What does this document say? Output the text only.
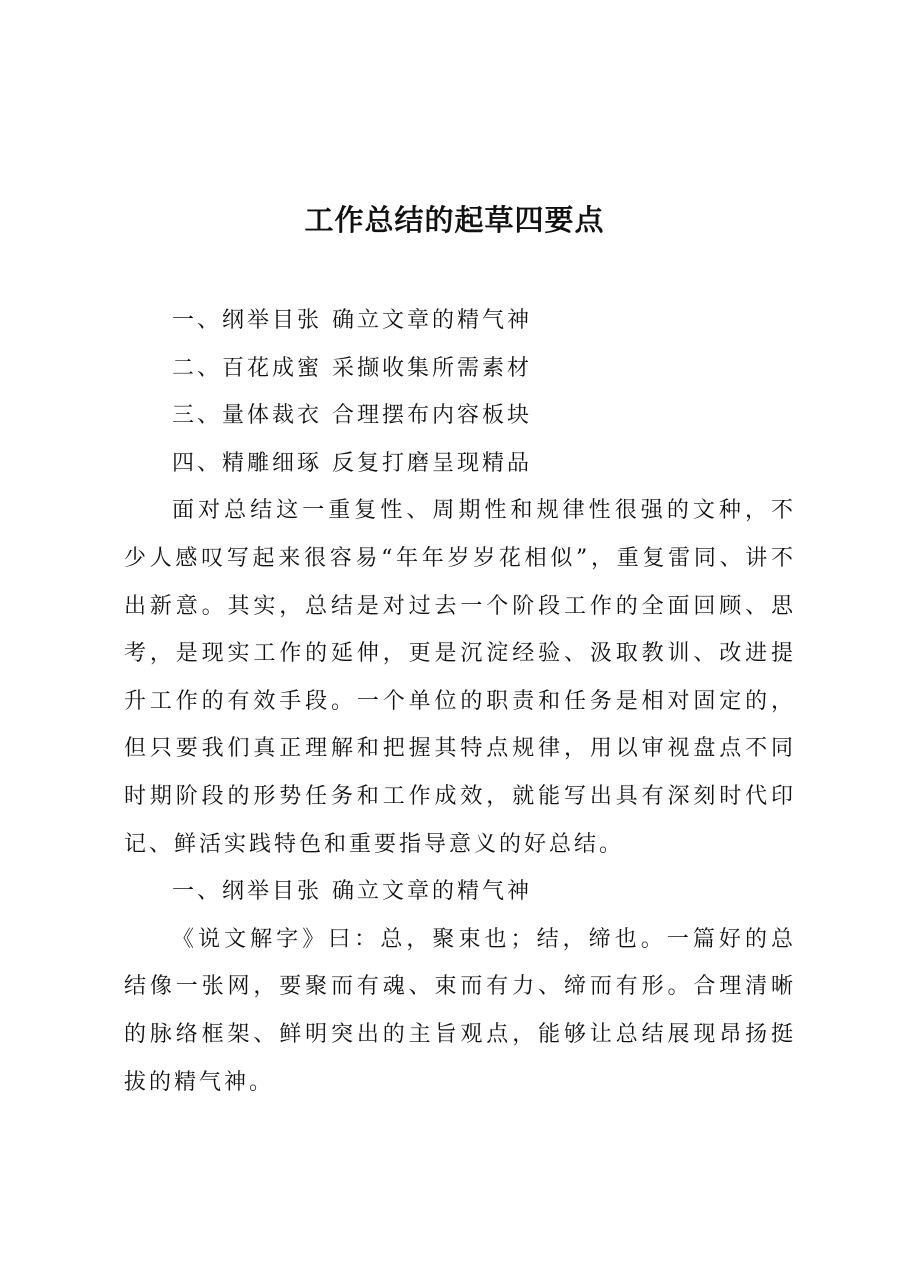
工作总结的起草四要点

一、纲举目张 确立文章的精气神

二、百花成蜜 采撷收集所需素材

三、量体裁衣 合理摆布内容板块

四、精雕细琢 反复打磨呈现精品

面对总结这一重复性、周期性和规律性很强的文种，不少人感叹写起来很容易“年年岁岁花相似”，重复雷同、讲不出新意。其实，总结是对过去一个阶段工作的全面回顾、思考，是现实工作的延伸，更是沉淀经验、汲取教训、改进提升工作的有效手段。一个单位的职责和任务是相对固定的，但只要我们真正理解和把握其特点规律，用以审视盘点不同时期阶段的形势任务和工作成效，就能写出具有深刻时代印记、鲜活实践特色和重要指导意义的好总结。

一、纲举目张 确立文章的精气神

《说文解字》曰：总，聚束也；结，缔也。一篇好的总结像一张网，要聚而有魂、束而有力、缔而有形。合理清晰的脉络框架、鲜明突出的主旨观点，能够让总结展现昂扬挺拔的精气神。
